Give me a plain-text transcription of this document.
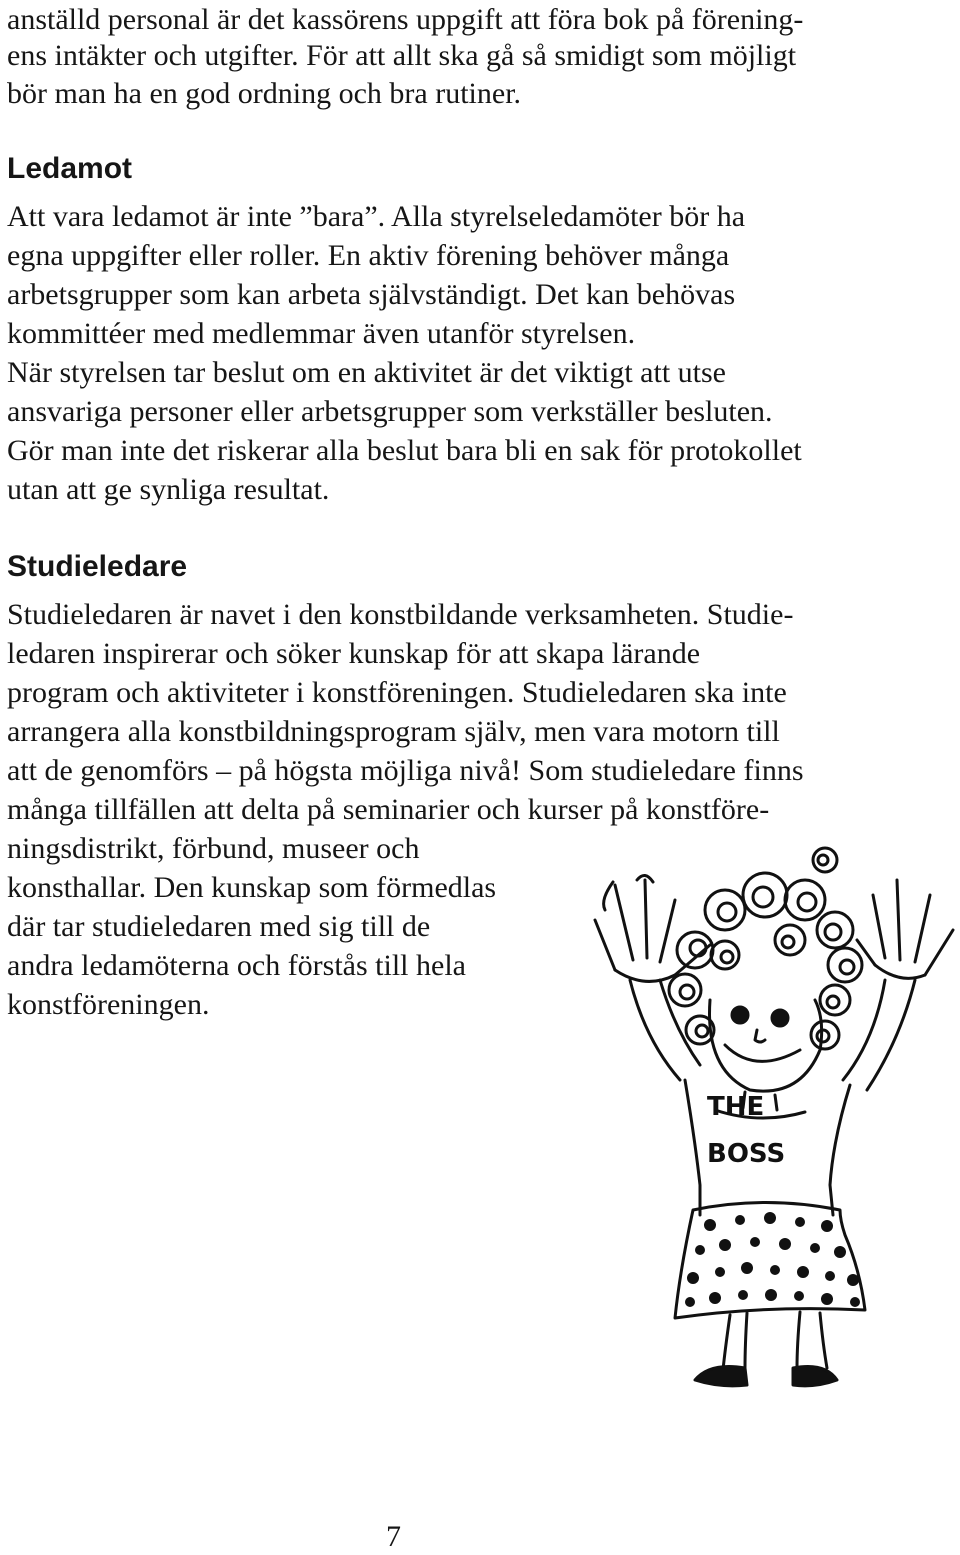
anställd personal är det kassörens uppgift att föra bok på förening-

ens intäkter och utgifter. För att allt ska gå så smidigt som möjligt

bör man ha en god ordning och bra rutiner.

Ledamot

Att vara ledamot är inte ”bara”. Alla styrelseledamöter bör ha

egna uppgifter eller roller. En aktiv förening behöver många

arbetsgrupper som kan arbeta självständigt. Det kan behövas

kommittéer med medlemmar även utanför styrelsen.

När styrelsen tar beslut om en aktivitet är det viktigt att utse

ansvariga personer eller arbetsgrupper som verkställer besluten.

Gör man inte det riskerar alla beslut bara bli en sak för protokollet

utan att ge synliga resultat.

Studieledare

Studieledaren är navet i den konstbildande verksamheten. Studie-

ledaren inspirerar och söker kunskap för att skapa lärande

program och aktiviteter i konstföreningen. Studieledaren ska inte

arrangera alla konstbildningsprogram själv, men vara motorn till

att de genomförs – på högsta möjliga nivå! Som studieledare finns

många tillfällen att delta på seminarier och kurser på konstföre-

ningsdistrikt, förbund, museer och

konsthallar. Den kunskap som förmedlas

där tar studieledaren med sig till de

andra ledamöterna och förstås till hela

konstföreningen.

THE
BOSS
7
